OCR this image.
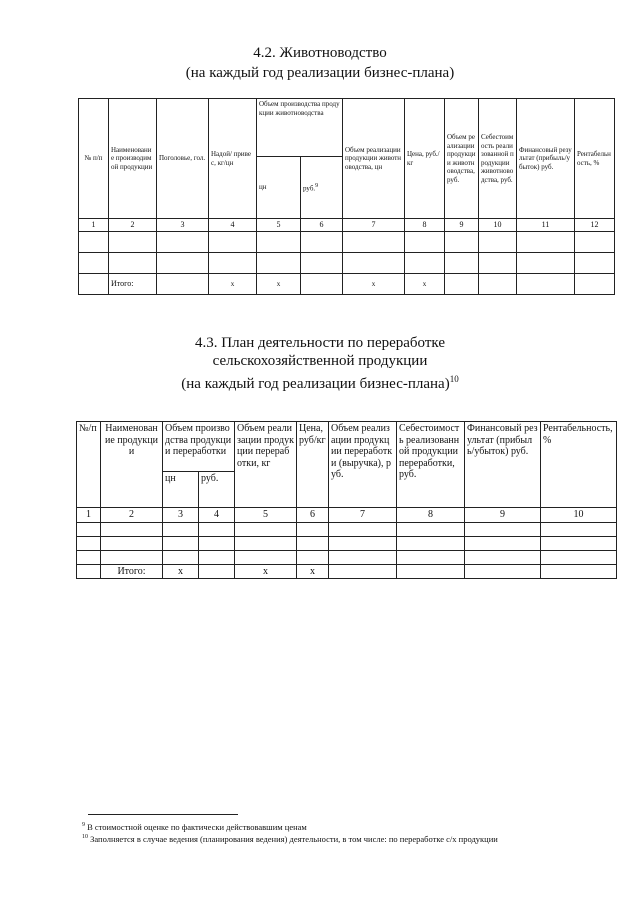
4.2. Животноводство
(на каждый год реализации бизнес-плана)
№ п/п	Наименование производимой продукции	Поголовье, гол.	Надой/ привес, кг/цн	Объем производства продукции животноводства		Объем реализации продукции животноводства, цн	Цена, руб./кг	Объем реализации продукции животноводства, руб.	Себестоимость реализованной продукции животноводства, руб.	Финансовый результат (прибыль/убыток) руб.	Рентабельность, %
				цн	руб.9						
1	2	3	4	5	6	7	8	9	10	11	12

	Итого:		х	х		х	х				
4.3. План деятельности по переработке
сельскохозяйственной продукции
(на каждый год реализации бизнес-плана)$^{10}$
№/п	Наименование продукции	Объем производства продукции переработки		Объем реализации продукции переработки, кг	Цена, руб/кг	Объем реализации продукции переработки (выручка), руб.	Себестоимость реализованной продукции переработки, руб.	Финансовый результат (прибыль/убыток) руб.	Рентабельность, %
		цн	руб.						
1	2	3	4	5	6	7	8	9	10

	Итого:	х		х	х				
$^9$ В стоимостной оценке по фактически действовавшим ценам
$^{10}$ Заполняется в случае ведения (планирования ведения) деятельности, в том числе: по переработке с/х продукции
